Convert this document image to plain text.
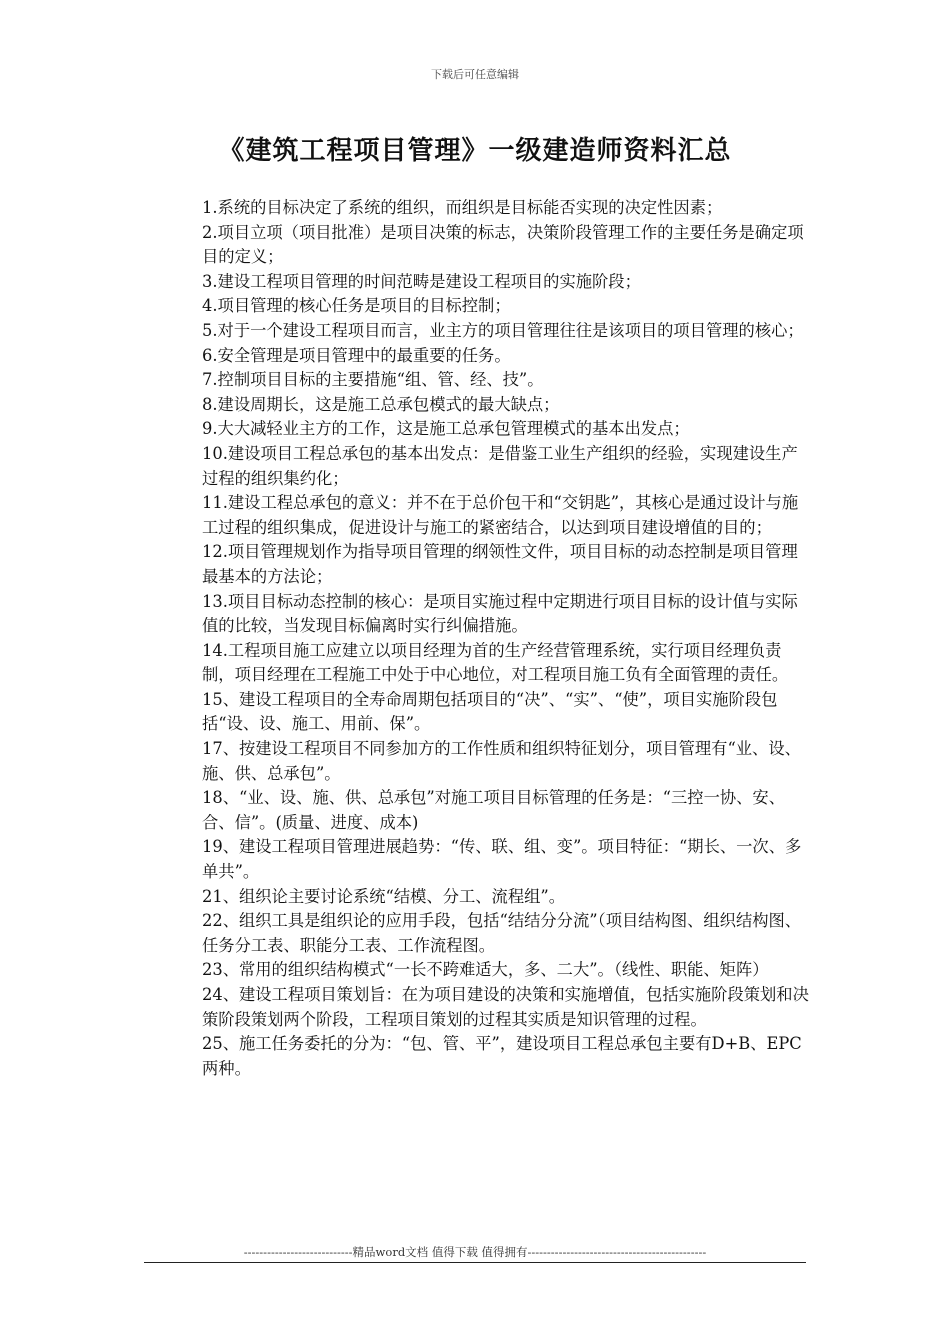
下载后可任意编辑
《建筑工程项目管理》一级建造师资料汇总
1.系统的目标决定了系统的组织，而组织是目标能否实现的决定性因素；
2.项目立项（项目批准）是项目决策的标志，决策阶段管理工作的主要任务是确定项目的定义；
3.建设工程项目管理的时间范畴是建设工程项目的实施阶段；
4.项目管理的核心任务是项目的目标控制；
5.对于一个建设工程项目而言，业主方的项目管理往往是该项目的项目管理的核心；
6.安全管理是项目管理中的最重要的任务。
7.控制项目目标的主要措施“组、管、经、技”。
8.建设周期长，这是施工总承包模式的最大缺点；
9.大大减轻业主方的工作，这是施工总承包管理模式的基本出发点；
10.建设项目工程总承包的基本出发点：是借鉴工业生产组织的经验，实现建设生产过程的组织集约化；
11.建设工程总承包的意义：并不在于总价包干和“交钥匙”，其核心是通过设计与施工过程的组织集成，促进设计与施工的紧密结合，以达到项目建设增值的目的；
12.项目管理规划作为指导项目管理的纲领性文件，项目目标的动态控制是项目管理最基本的方法论；
13.项目目标动态控制的核心：是项目实施过程中定期进行项目目标的设计值与实际值的比较，当发现目标偏离时实行纠偏措施。
14.工程项目施工应建立以项目经理为首的生产经营管理系统，实行项目经理负责制，项目经理在工程施工中处于中心地位，对工程项目施工负有全面管理的责任。
15、建设工程项目的全寿命周期包括项目的“决”、“实”、“使”，项目实施阶段包括“设、设、施工、用前、保”。
17、按建设工程项目不同参加方的工作性质和组织特征划分，项目管理有“业、设、施、供、总承包”。
18、“业、设、施、供、总承包”对施工项目目标管理的任务是：“三控一协、安、合、信”。(质量、进度、成本)
19、建设工程项目管理进展趋势：“传、联、组、变”。项目特征：“期长、一次、多单共”。
21、组织论主要讨论系统“结模、分工、流程组”。
22、组织工具是组织论的应用手段，包括“结结分分流”（项目结构图、组织结构图、任务分工表、职能分工表、工作流程图。
23、常用的组织结构模式“一长不跨难适大，多、二大”。（线性、职能、矩阵）
24、建设工程项目策划旨：在为项目建设的决策和实施增值，包括实施阶段策划和决策阶段策划两个阶段，工程项目策划的过程其实质是知识管理的过程。
25、施工任务委托的分为：“包、管、平”，建设项目工程总承包主要有D+B、EPC两种。
----------------------------精品word文档 值得下载 值得拥有----------------------------------------------
